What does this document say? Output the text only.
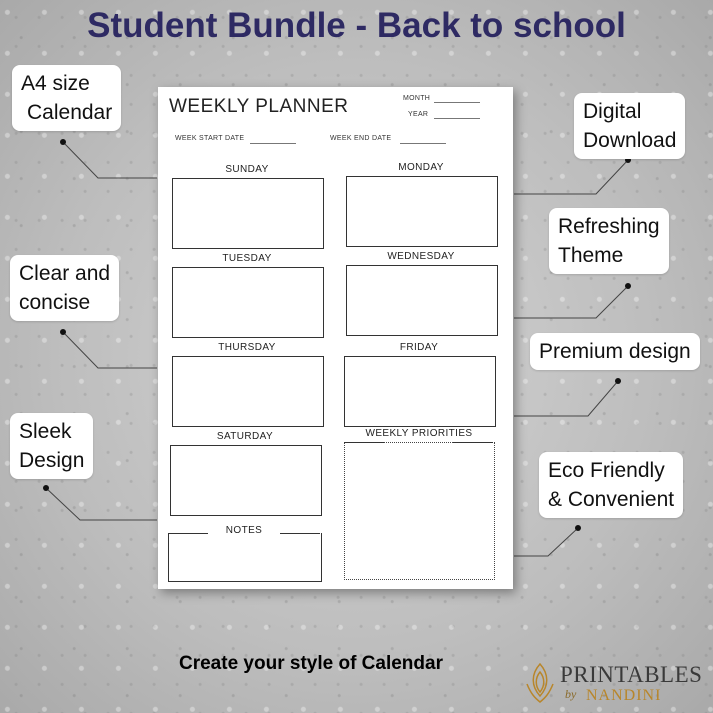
Student Bundle - Back to school
A4 size
Calendar
Clear and
concise
Sleek
Design
Digital
Download
Refreshing
Theme
Premium design
Eco Friendly
& Convenient
WEEKLY PLANNER	MONTH
YEAR
WEEK START DATE	WEEK END DATE
SUNDAY	MONDAY
TUESDAY	WEDNESDAY
THURSDAY	FRIDAY
SATURDAY	WEEKLY PRIORITIES
NOTES
Create your style of Calendar	PRINTABLES
by NANDINI
